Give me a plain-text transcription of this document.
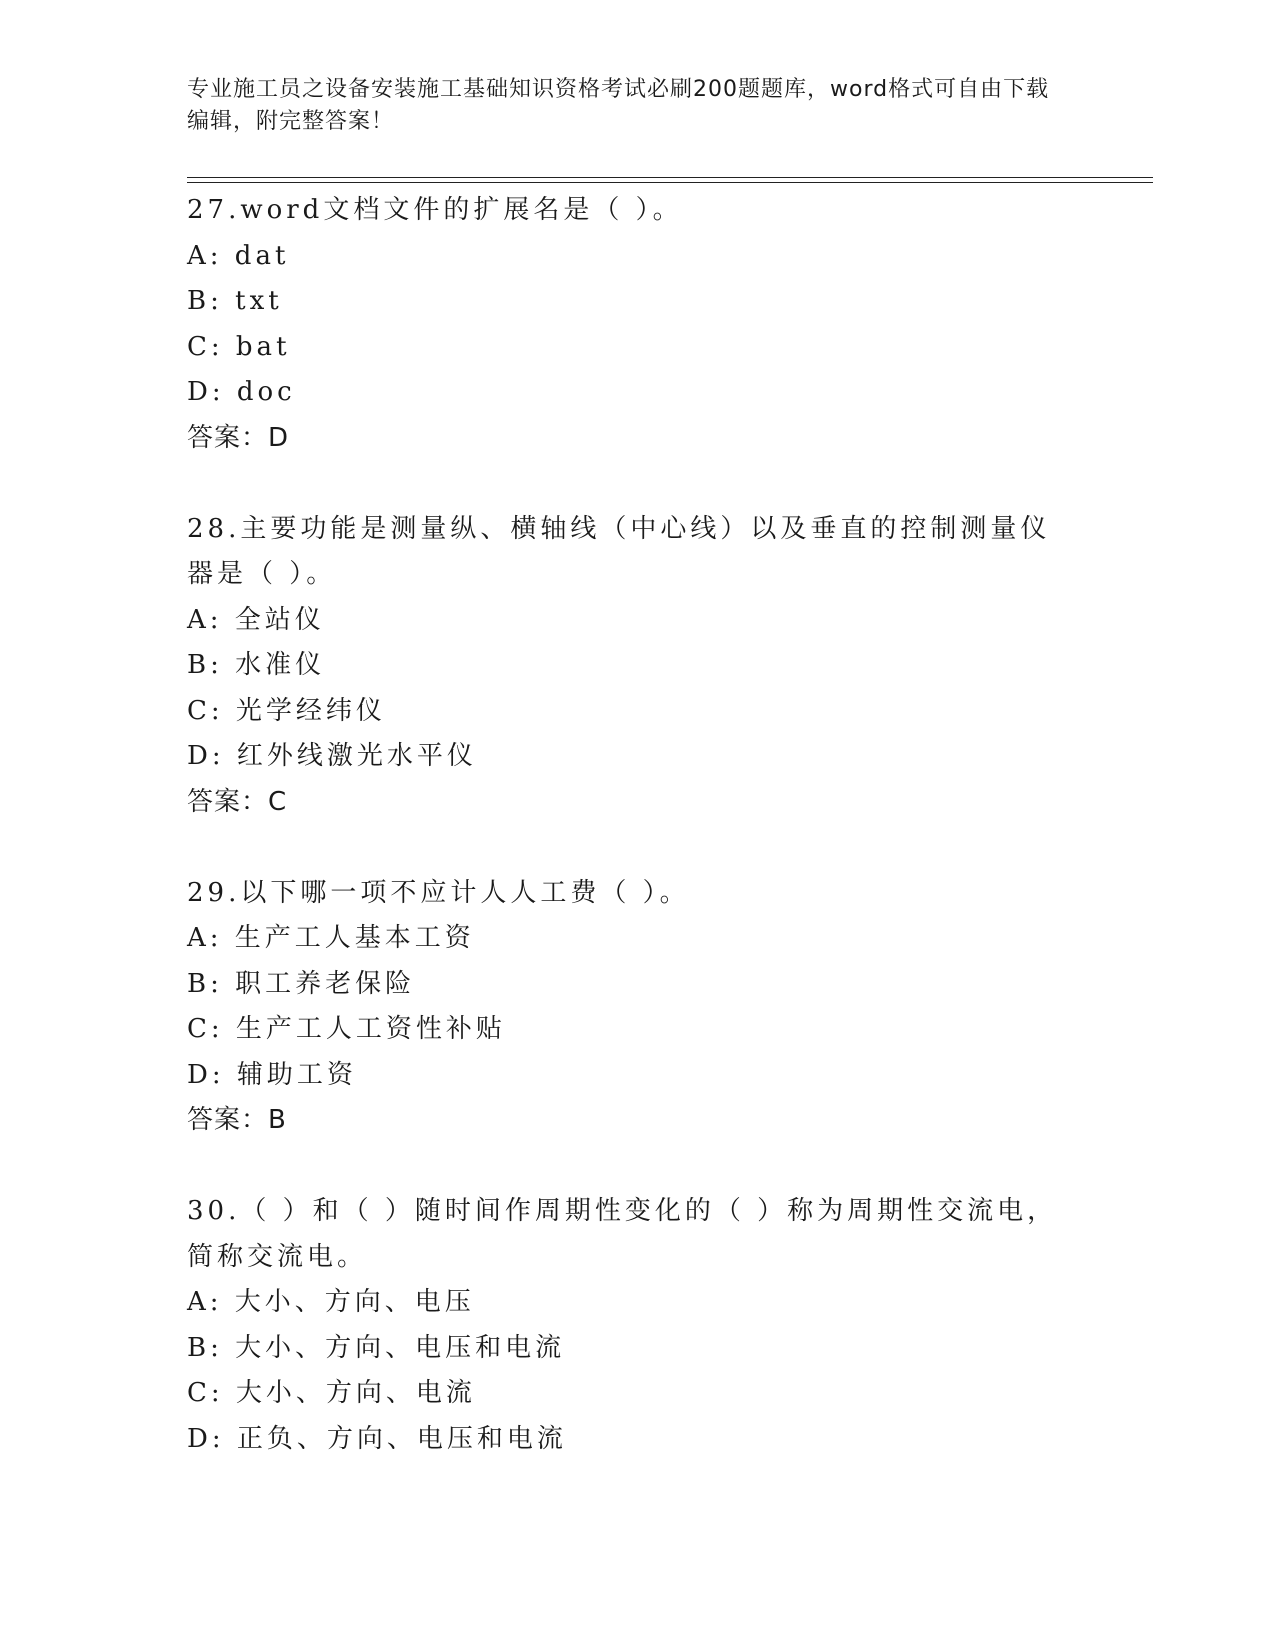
专业施工员之设备安装施工基础知识资格考试必刷200题题库，word格式可自由下载编辑，附完整答案！
27.word文档文件的扩展名是（ ）。
A: dat
B: txt
C: bat
D: doc
答案：D
28.主要功能是测量纵、横轴线（中心线）以及垂直的控制测量仪器是（ ）。
A: 全站仪
B: 水准仪
C: 光学经纬仪
D: 红外线激光水平仪
答案：C
29.以下哪一项不应计人人工费（ ）。
A: 生产工人基本工资
B: 职工养老保险
C: 生产工人工资性补贴
D: 辅助工资
答案：B
30.（ ）和（ ）随时间作周期性变化的（ ）称为周期性交流电，简称交流电。
A: 大小、方向、电压
B: 大小、方向、电压和电流
C: 大小、方向、电流
D: 正负、方向、电压和电流
